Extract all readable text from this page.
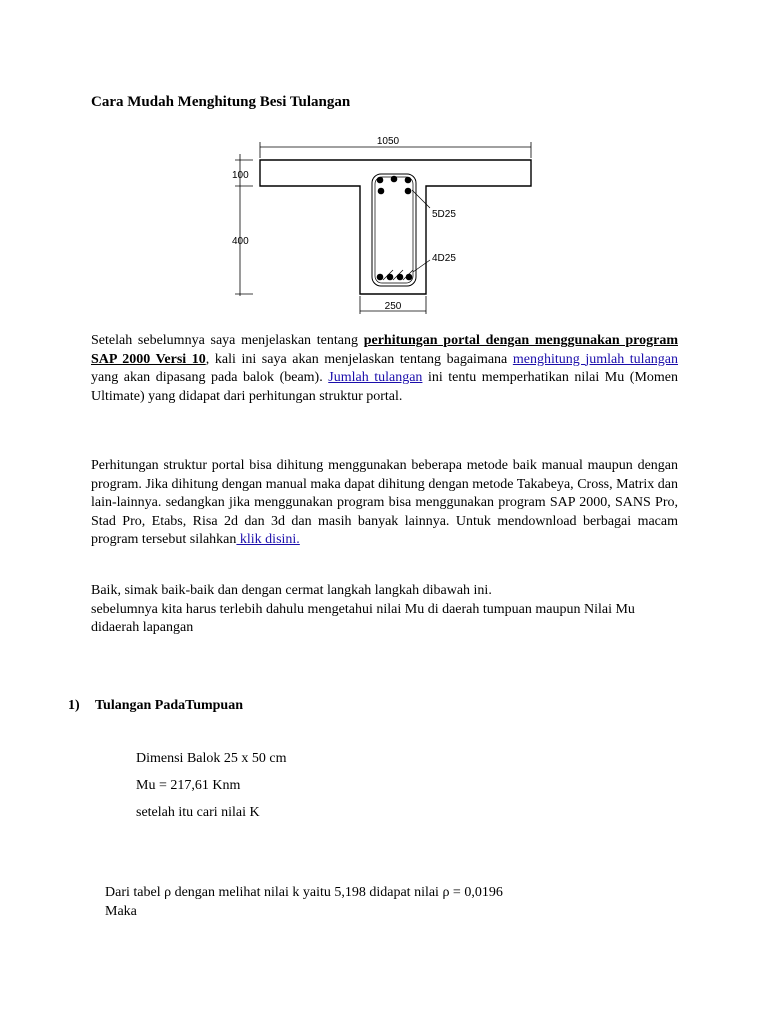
Cara Mudah Menghitung Besi Tulangan
1050
100
400
5D25
4D25
250

Setelah sebelumnya saya menjelaskan tentang perhitungan portal dengan menggunakan program SAP 2000 Versi 10, kali ini saya akan menjelaskan tentang bagaimana menghitung jumlah tulangan yang akan dipasang pada balok (beam). Jumlah tulangan ini tentu memperhatikan nilai Mu (Momen Ultimate) yang didapat dari perhitungan struktur portal.

Perhitungan struktur portal bisa dihitung menggunakan beberapa metode baik manual maupun dengan program. Jika dihitung dengan manual maka dapat dihitung dengan metode Takabeya, Cross, Matrix dan lain-lainnya. sedangkan jika menggunakan program bisa menggunakan program SAP 2000, SANS Pro, Stad Pro, Etabs, Risa 2d dan 3d dan masih banyak lainnya. Untuk mendownload berbagai macam program tersebut silahkan klik disini.

Baik, simak baik-baik dan dengan cermat langkah langkah dibawah ini.
sebelumnya kita harus terlebih dahulu mengetahui nilai Mu di daerah tumpuan maupun Nilai Mu didaerah lapangan

1) Tulangan PadaTumpuan

Dimensi Balok 25 x 50 cm

Mu = 217,61 Knm

setelah itu cari nilai K

Dari tabel ρ dengan melihat nilai k yaitu 5,198 didapat nilai ρ = 0,0196

Maka
